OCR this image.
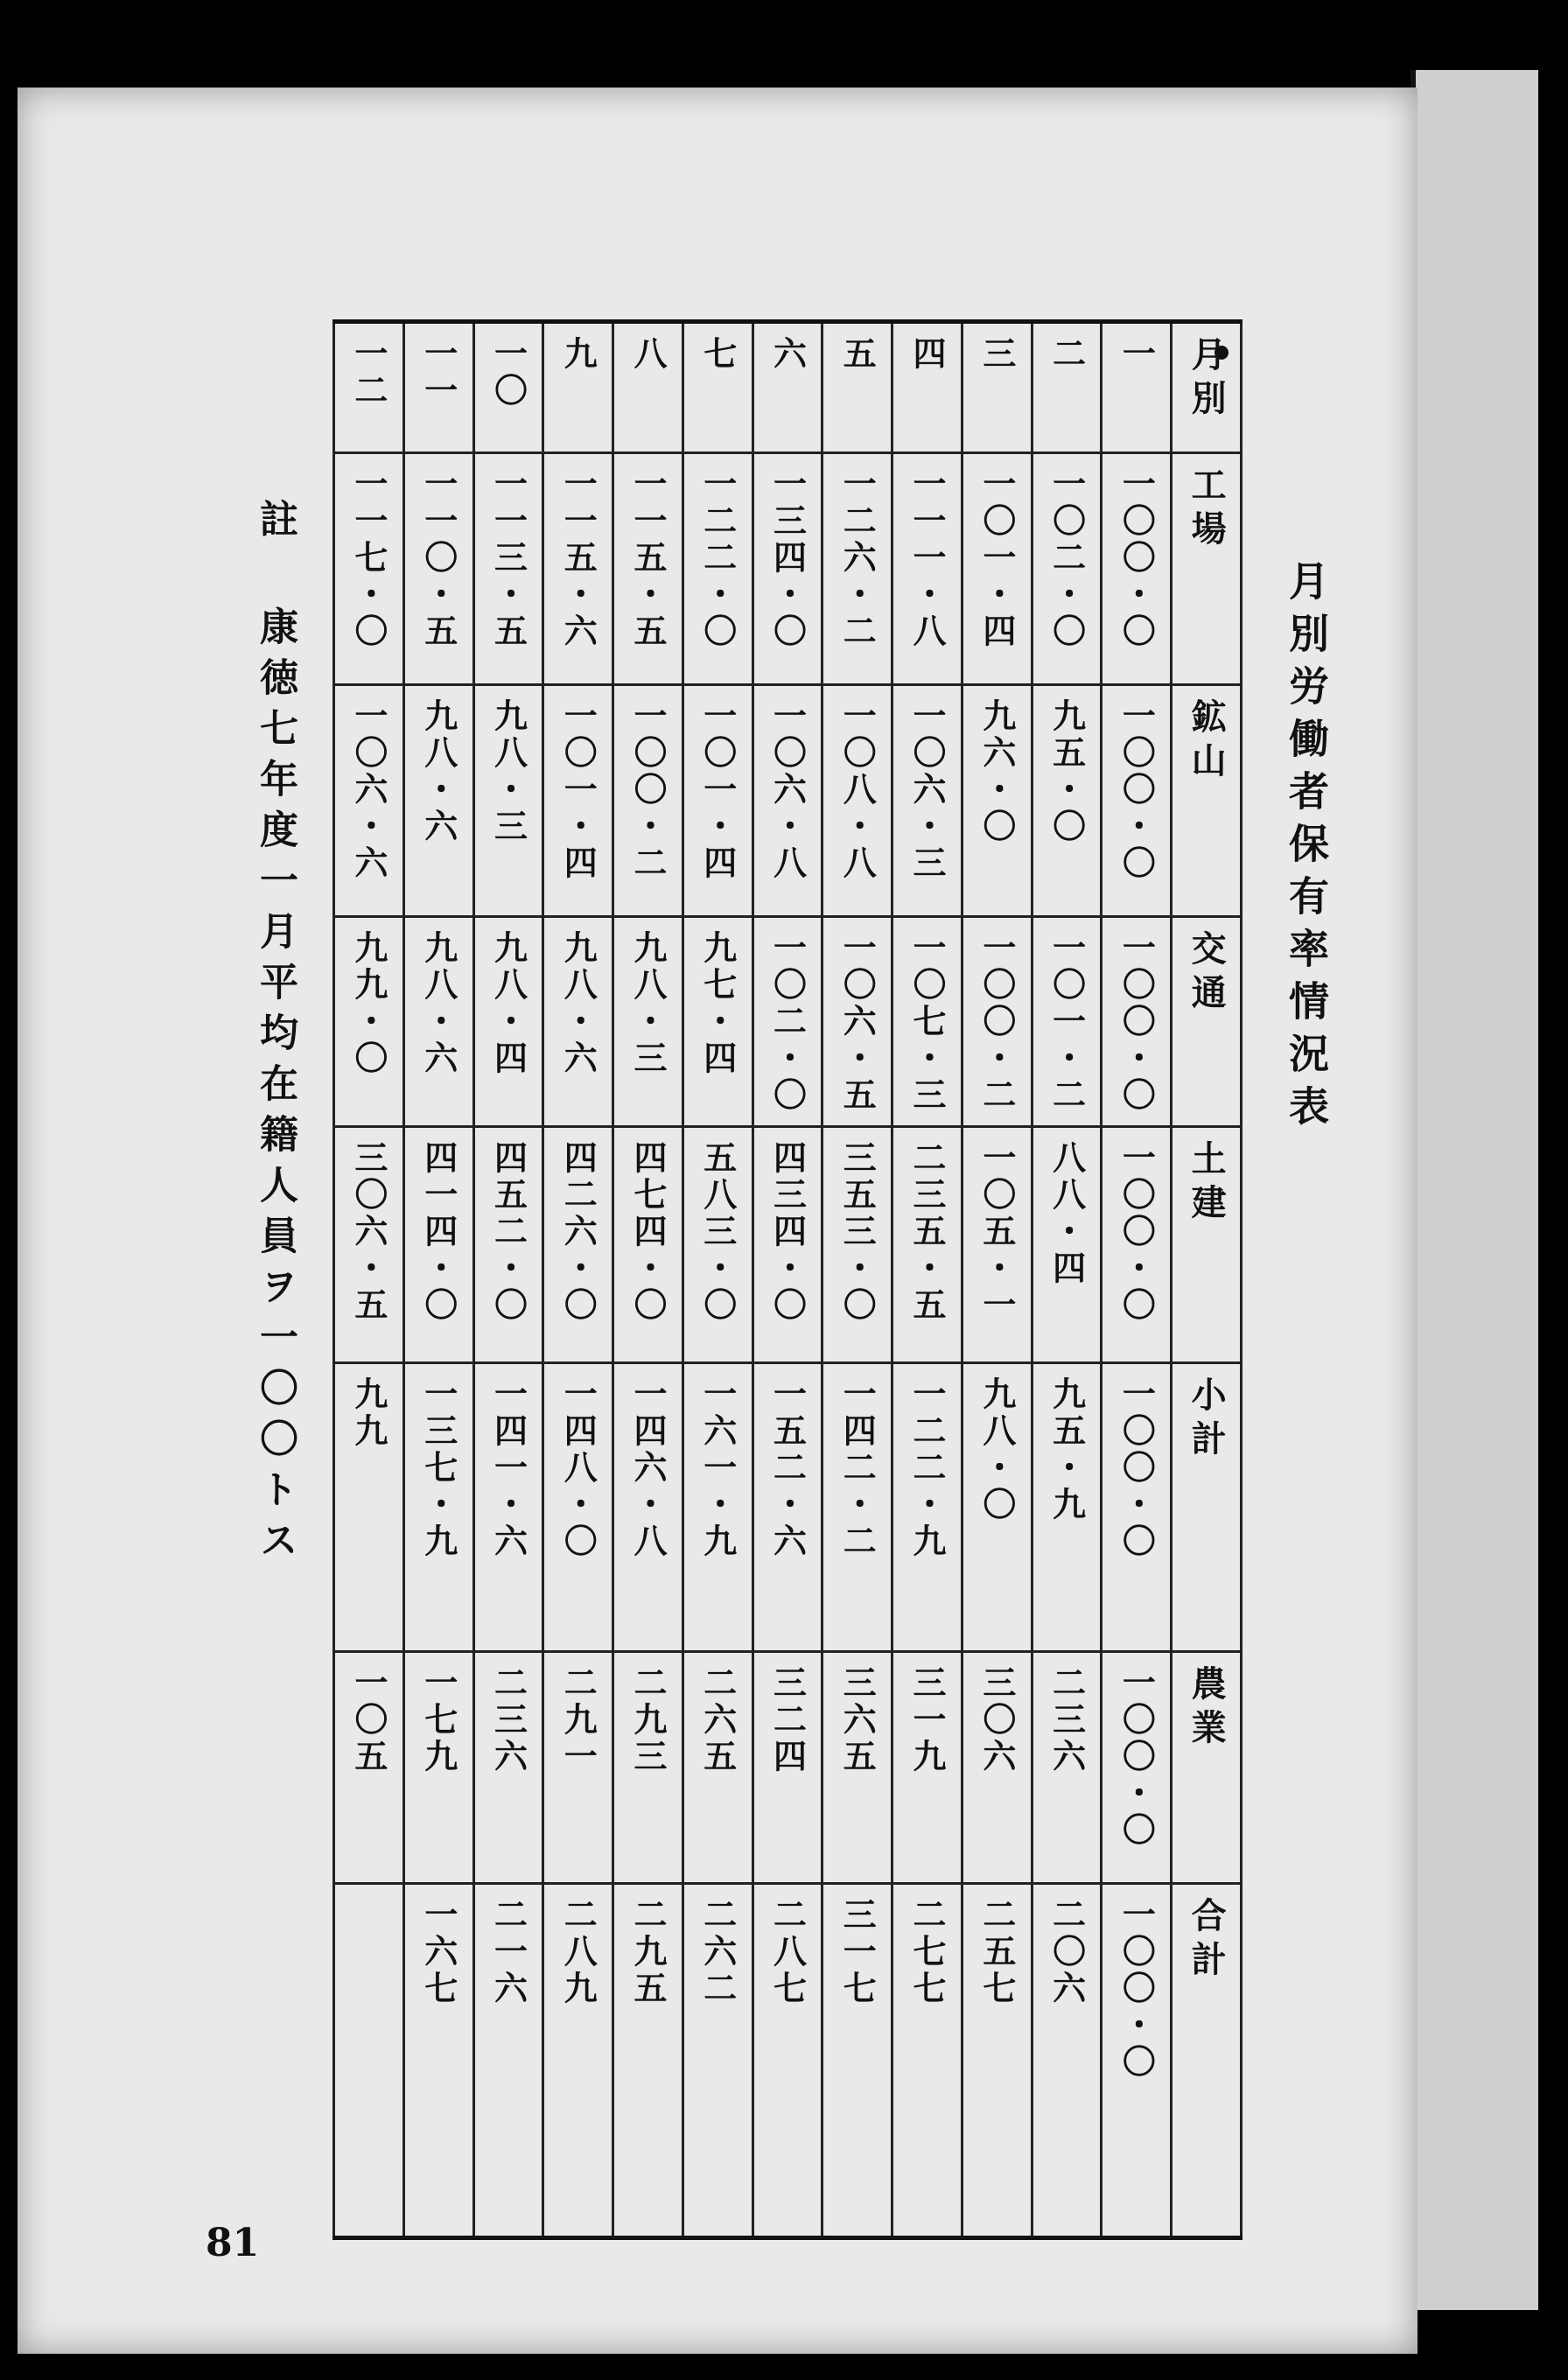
月別労働者保有率情況表
註 康徳七年度一月平均在籍人員ヲ一〇〇トス
81
月別	一	二	三	四	五	六	七	八	九	一〇	一一	一二
工場	一〇〇・〇	一〇二・〇	一〇一・四	一一一・八	一二六・二	一三四・〇	一二二・〇	一一五・五	一一五・六	一一三・五	一一〇・五	一一七・〇
鉱山	一〇〇・〇	九五・〇	九六・〇	一〇六・三	一〇八・八	一〇六・八	一〇一・四	一〇〇・二	一〇一・四	九八・三	九八・六	一〇六・六
交通	一〇〇・〇	一〇一・二	一〇〇・二	一〇七・三	一〇六・五	一〇二・〇	九七・四	九八・三	九八・六	九八・四	九八・六	九九・〇
土建	一〇〇・〇	八八・四	一〇五・一	二三五・五	三五三・〇	四三四・〇	五八三・〇	四七四・〇	四二六・〇	四五二・〇	四一四・〇	三〇六・五
小計	一〇〇・〇	九五・九	九八・〇	一二二・九	一四二・二	一五二・六	一六一・九	一四六・八	一四八・〇	一四一・六	一三七・九	九九
農業	一〇〇・〇	二三六	三〇六	三一九	三六五	三二四	二六五	二九三	二九一	二三六	一七九	一〇五
合計	一〇〇・〇	二〇六	二五七	二七七	三一七	二八七	二六二	二九五	二八九	二一六	一六七	
